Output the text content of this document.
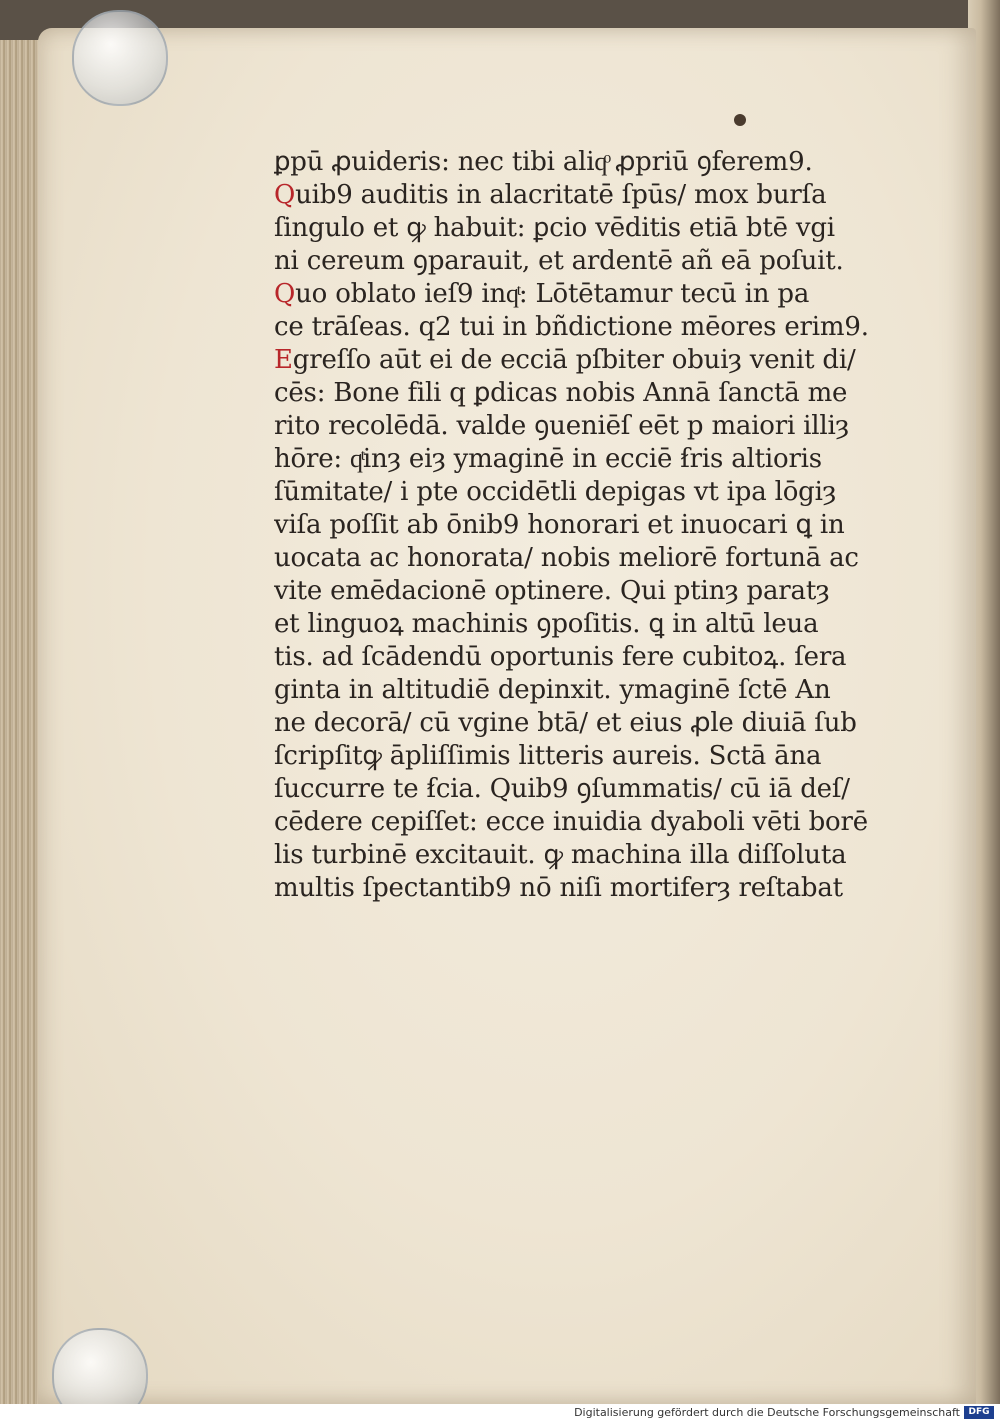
ꝑpū ꝓuideris: nec tibi aliqͦ ꝓpriū ꝯferem9.
Quib9 auditis in alacritatē ſpūs/ mox burſa
ſingulo et ꝙ habuit: ꝑcio vēditis etiā btē vgi
ni cereum ꝯparauit, et ardentē añ eā poſuit.
Quo oblato ieſ9 inqͭ: Lōtētamur tecū in pa
ce trāſeas. q2 tui in bñdictione mēores erim9.
Egreſſo aūt ei de ecciā pſbiter obuiȝ venit di/
cēs: Bone fili q ꝑdicas nobis Annā ſanctā me
rito recolēdā. valde ꝯueniēſ eēt p maiori illiȝ
hōre: qͭinȝ eiȝ ymaginē in ecciē ẜris altioris
ſūmitate/ i pte occidētli depigas vt ipa lōgiȝ
viſa poſſit ab ōnib9 honorari et inuocari ꝗ in
uocata ac honorata/ nobis meliorē fortunā ac
vite emēdacionē optinere. Qui ptinȝ paratȝ
et linguoꝝ machinis ꝯpoſitis. ꝗ in altū leua
tis. ad ſcādendū oportunis fere cubitoꝝ. ſera
ginta in altitudiē depinxit. ymaginē ſctē An
ne decorā/ cū vgine btā/ et eius ꝓle diuiā ſub
ſcripſitꝙ āpliſſimis litteris aureis. Sctā āna
ſuccurre te ẜcia. Quib9 ꝯſummatis/ cū iā deſ/
cēdere cepiſſet: ecce inuidia dyaboli vēti borē
lis turbinē excitauit. ꝙ machina illa diſſoluta
multis ſpectantib9 nō niſi mortiferȝ reſtabat
Digitalisierung gefördert durch die Deutsche Forschungsgemeinschaft DFG
